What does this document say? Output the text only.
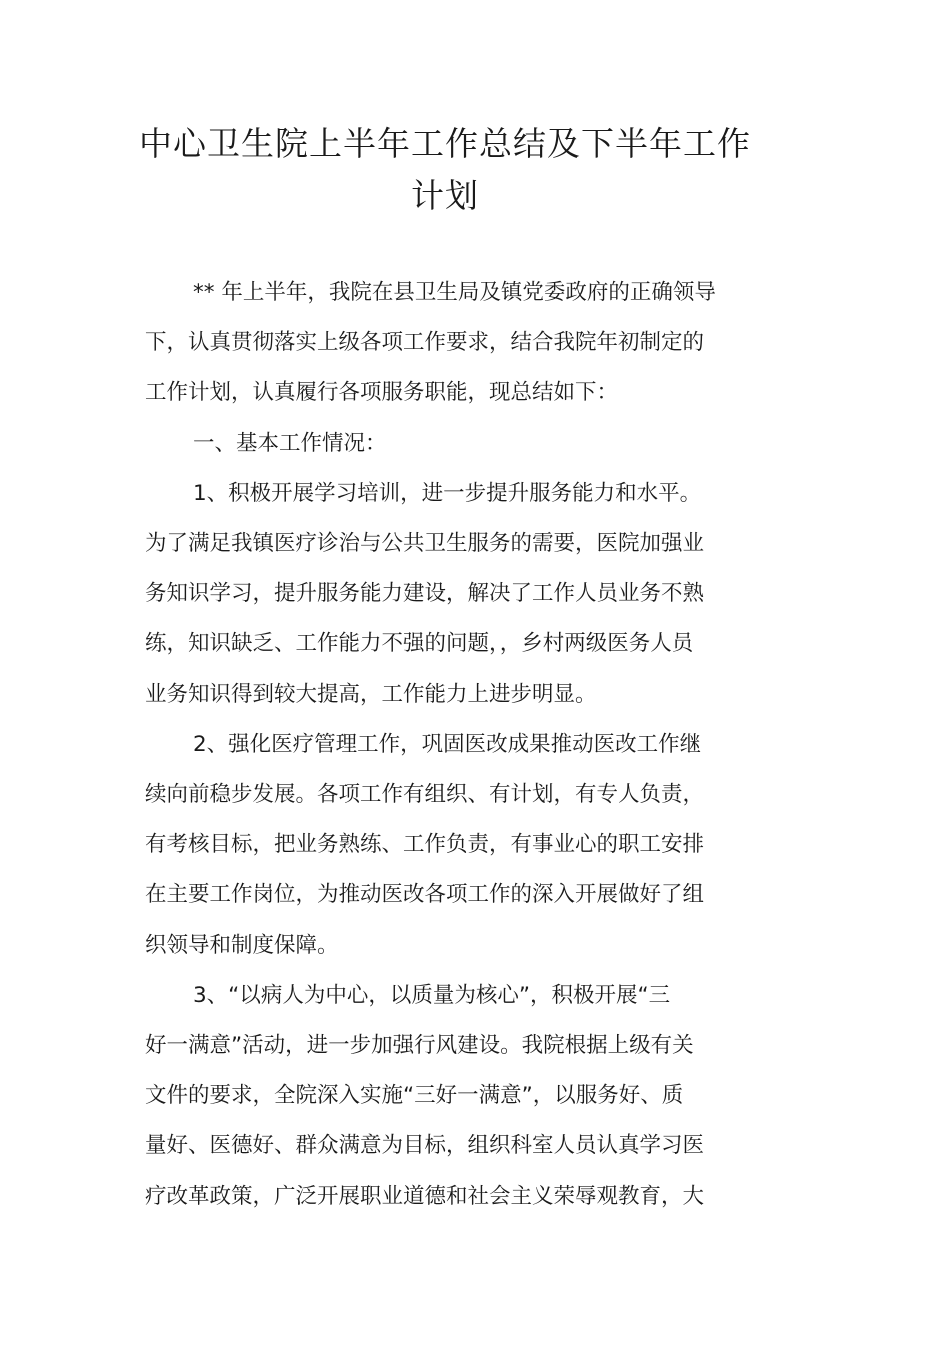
中心卫生院上半年工作总结及下半年工作
计划
** 年上半年，我院在县卫生局及镇党委政府的正确领导
下，认真贯彻落实上级各项工作要求，结合我院年初制定的
工作计划，认真履行各项服务职能，现总结如下：
一、基本工作情况：
1、积极开展学习培训，进一步提升服务能力和水平。
为了满足我镇医疗诊治与公共卫生服务的需要，医院加强业
务知识学习，提升服务能力建设，解决了工作人员业务不熟
练，知识缺乏、工作能力不强的问题，，乡村两级医务人员
业务知识得到较大提高，工作能力上进步明显。
2、强化医疗管理工作，巩固医改成果推动医改工作继
续向前稳步发展。各项工作有组织、有计划，有专人负责，
有考核目标，把业务熟练、工作负责，有事业心的职工安排
在主要工作岗位，为推动医改各项工作的深入开展做好了组
织领导和制度保障。
3、“以病人为中心，以质量为核心”，积极开展“三
好一满意”活动，进一步加强行风建设。我院根据上级有关
文件的要求，全院深入实施“三好一满意”，以服务好、质
量好、医德好、群众满意为目标，组织科室人员认真学习医
疗改革政策，广泛开展职业道德和社会主义荣辱观教育，大
